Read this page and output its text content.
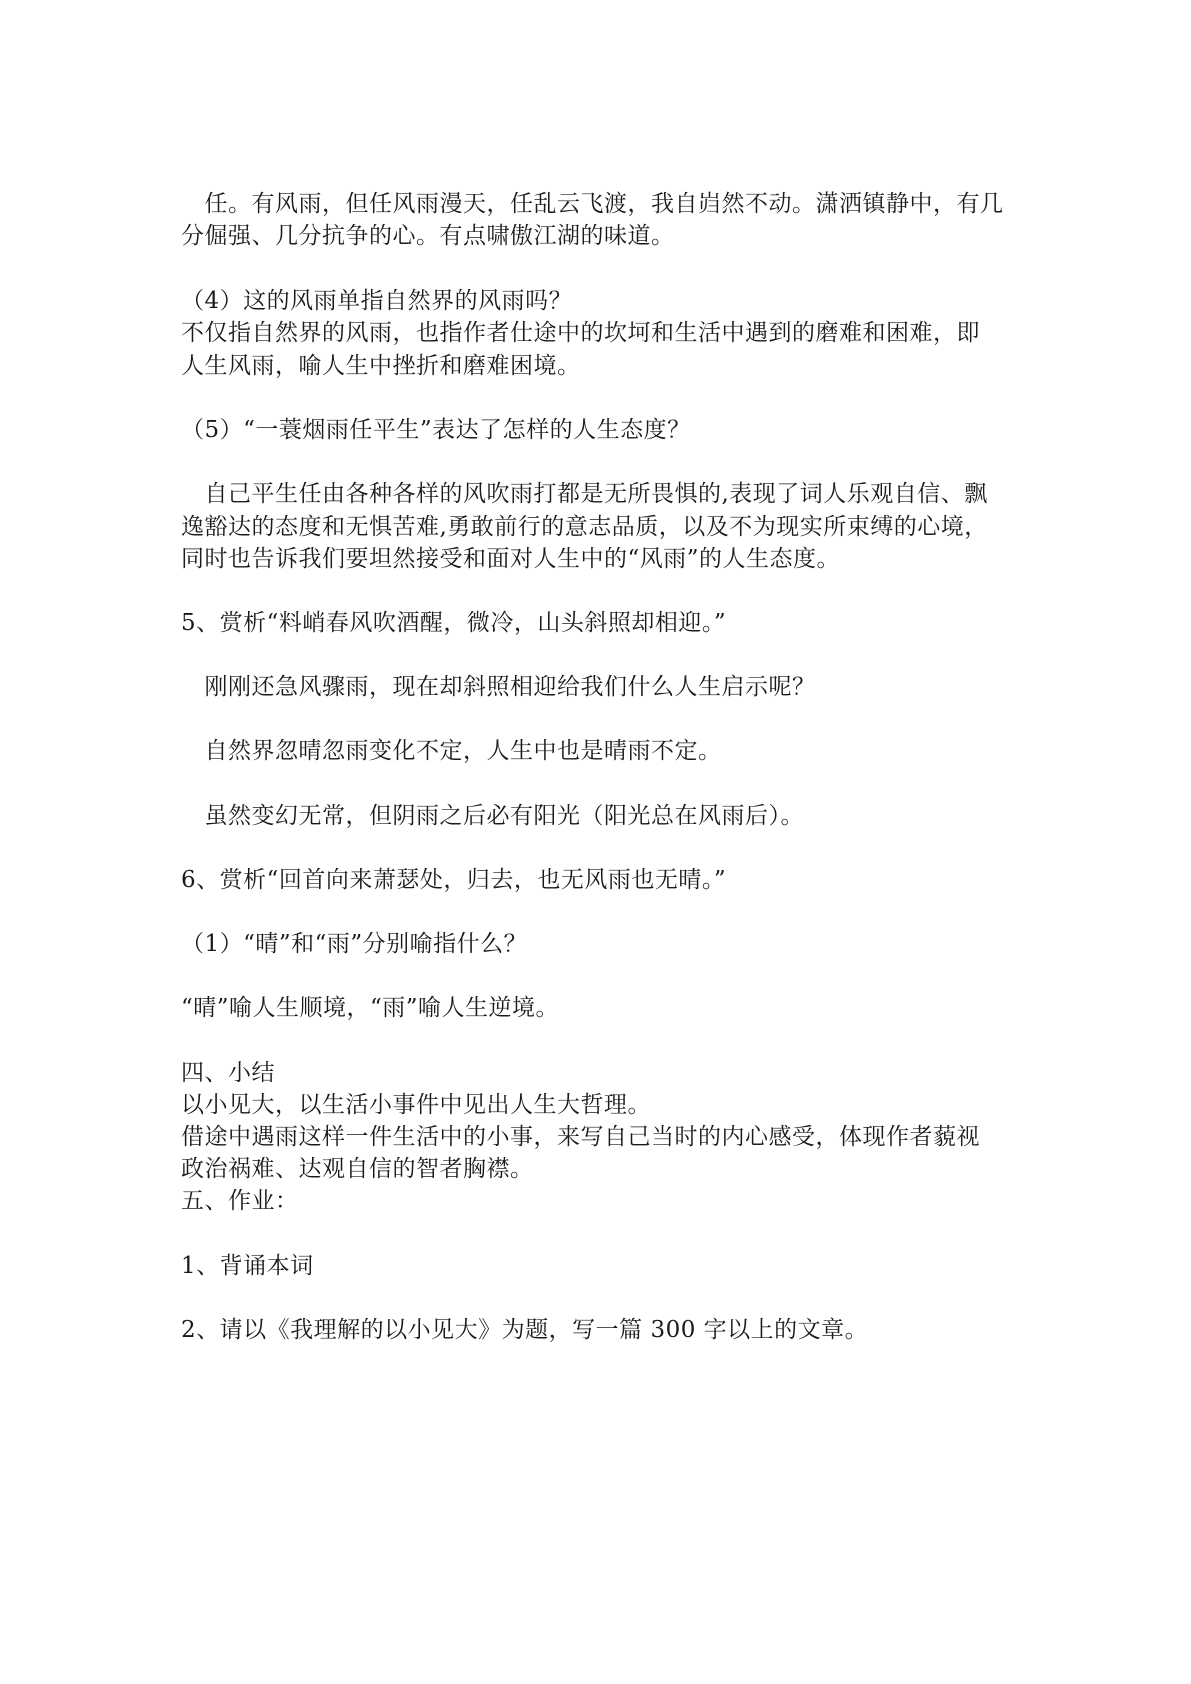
　任。有风雨，但任风雨漫天，任乱云飞渡，我自岿然不动。潇洒镇静中，有几
分倔强、几分抗争的心。有点啸傲江湖的味道。
（4）这的风雨单指自然界的风雨吗？
不仅指自然界的风雨，也指作者仕途中的坎坷和生活中遇到的磨难和困难，即
人生风雨，喻人生中挫折和磨难困境。
（5）“一蓑烟雨任平生”表达了怎样的人生态度？
　自己平生任由各种各样的风吹雨打都是无所畏惧的,表现了词人乐观自信、飘
逸豁达的态度和无惧苦难,勇敢前行的意志品质，以及不为现实所束缚的心境，
同时也告诉我们要坦然接受和面对人生中的“风雨”的人生态度。
5、赏析“料峭春风吹酒醒，微冷，山头斜照却相迎。”
　刚刚还急风骤雨，现在却斜照相迎给我们什么人生启示呢？
　自然界忽晴忽雨变化不定，人生中也是晴雨不定。
　虽然变幻无常，但阴雨之后必有阳光（阳光总在风雨后）。
6、赏析“回首向来萧瑟处，归去，也无风雨也无晴。”
（1）“晴”和“雨”分别喻指什么？
“晴”喻人生顺境，“雨”喻人生逆境。
四、小结
以小见大，以生活小事件中见出人生大哲理。
借途中遇雨这样一件生活中的小事，来写自己当时的内心感受，体现作者藐视
政治祸难、达观自信的智者胸襟。
五、作业：
1、背诵本词
2、请以《我理解的以小见大》为题，写一篇 300 字以上的文章。
